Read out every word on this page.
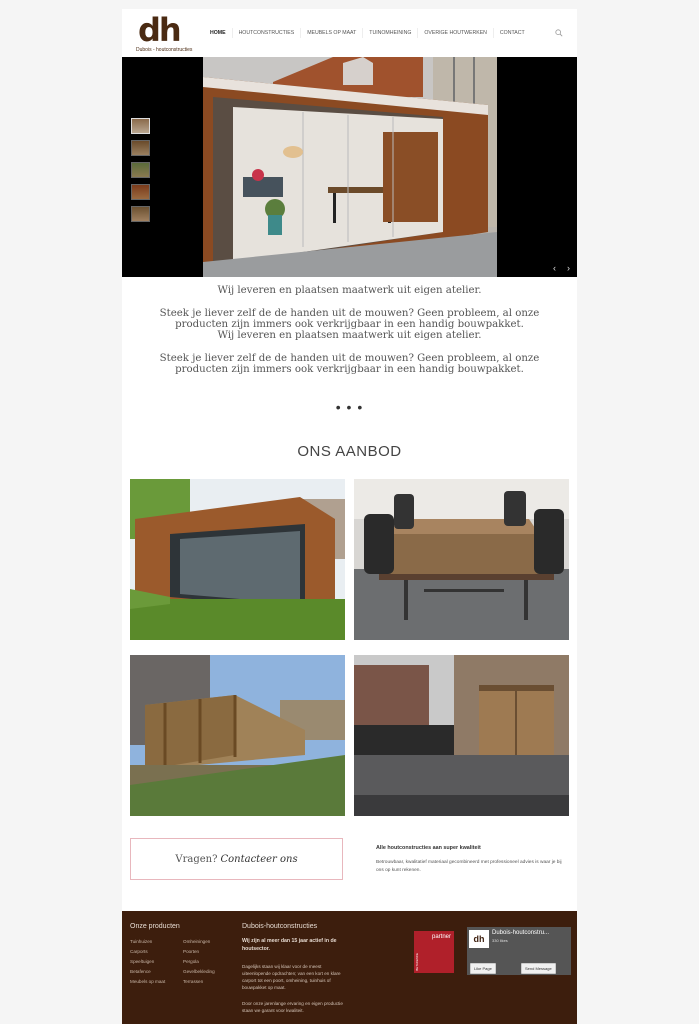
dh
Dubois - houtconstructies
HOME	HOUTCONSTRUCTIES	MEUBELS OP MAAT	TUINOMHEINING	OVERIGE HOUTWERKEN	CONTACT
‹ ›

Wij leveren en plaatsen maatwerk uit eigen atelier.

Steek je liever zelf de de handen uit de mouwen? Geen probleem, al onze producten zijn immers ook verkrijgbaar in een handig bouwpakket.

Wij leveren en plaatsen maatwerk uit eigen atelier.

Steek je liever zelf de de handen uit de mouwen? Geen probleem, al onze producten zijn immers ook verkrijgbaar in een handig bouwpakket.

• • •
ONS AANBOD
Vragen? Contacteer ons
Alle houtconstructies aan super kwaliteit
Betrouwbaar, kwalitatief materiaal gecombineerd met professioneel advies is waar je bij ons op kunt rekenen.
Onze producten
Tuinhuizen
Carports
Speeltuigen
Betafence
Meubels op maat
Omheiningen
Poorten
Pergola
Gevelbekleding
Terrassen
Dubois-houtconstructies
Wij zijn al meer dan 15 jaar actief in de houtsector.
Dagelijks staan wij klaar voor de meest uiteenlopende opdrachten; van een kort en klare carport tot een poort, omheining, tuinhuis of bouwpakket op maat.
Door onze jarenlange ervaring en eigen productie staan we garant voor kwaliteit.
partner
BETAFENCE
dh
Dubois-houtconstru...
330 likes
Like Page	Send Message
